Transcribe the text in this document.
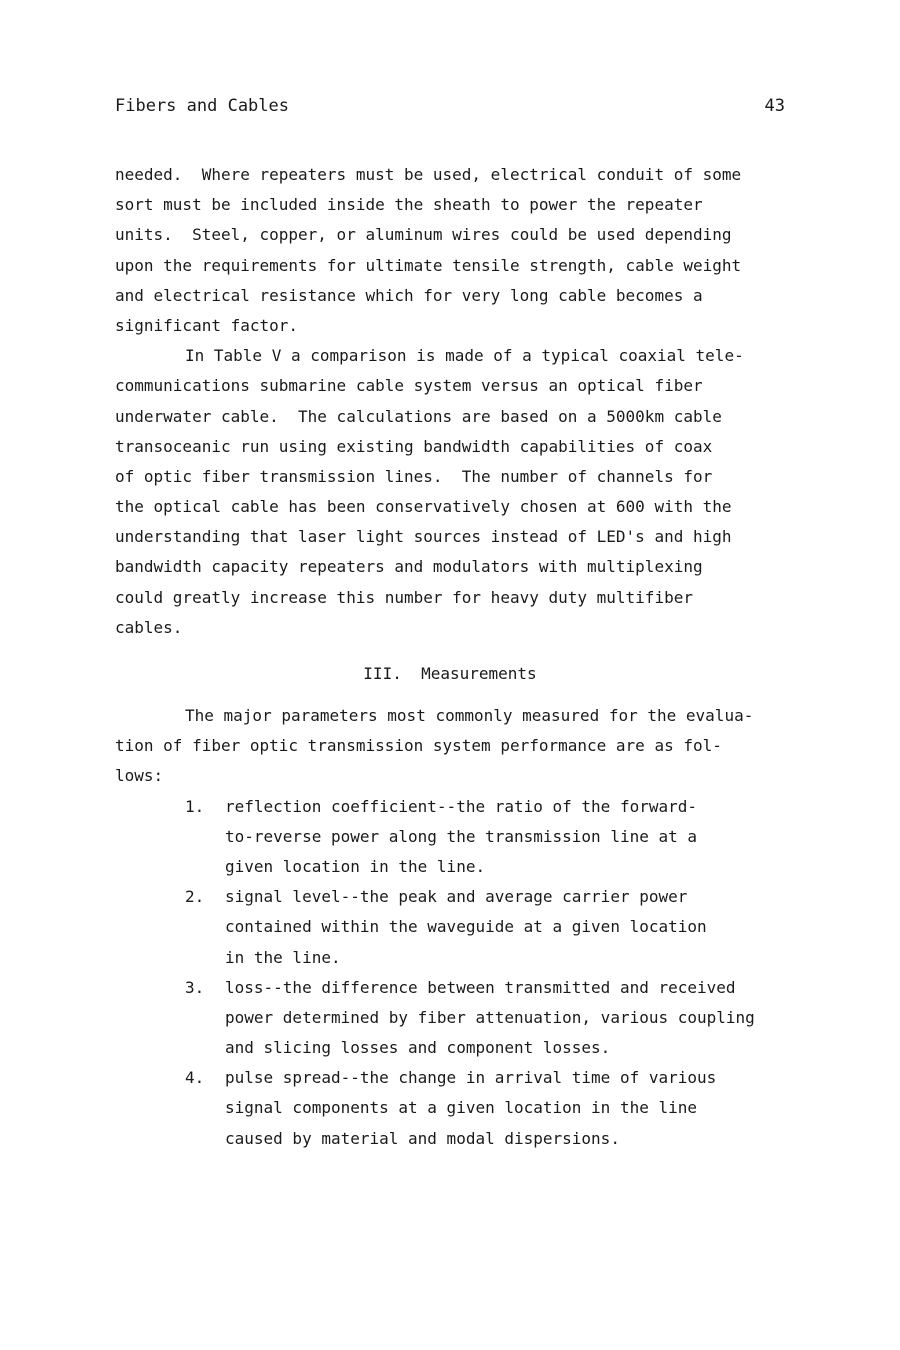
Fibers and Cables	43

needed.  Where repeaters must be used, electrical conduit of some
sort must be included inside the sheath to power the repeater
units.  Steel, copper, or aluminum wires could be used depending
upon the requirements for ultimate tensile strength, cable weight
and electrical resistance which for very long cable becomes a
significant factor.

In Table V a comparison is made of a typical coaxial tele-
communications submarine cable system versus an optical fiber
underwater cable.  The calculations are based on a 5000km cable
transoceanic run using existing bandwidth capabilities of coax
of optic fiber transmission lines.  The number of channels for
the optical cable has been conservatively chosen at 600 with the
understanding that laser light sources instead of LED's and high
bandwidth capacity repeaters and modulators with multiplexing
could greatly increase this number for heavy duty multifiber
cables.

III.  Measurements

The major parameters most commonly measured for the evalua-
tion of fiber optic transmission system performance are as fol-
lows:

1. reflection coefficient--the ratio of the forward-
to-reverse power along the transmission line at a
given location in the line.
2. signal level--the peak and average carrier power
contained within the waveguide at a given location
in the line.
3. loss--the difference between transmitted and received
power determined by fiber attenuation, various coupling
and slicing losses and component losses.
4. pulse spread--the change in arrival time of various
signal components at a given location in the line
caused by material and modal dispersions.
